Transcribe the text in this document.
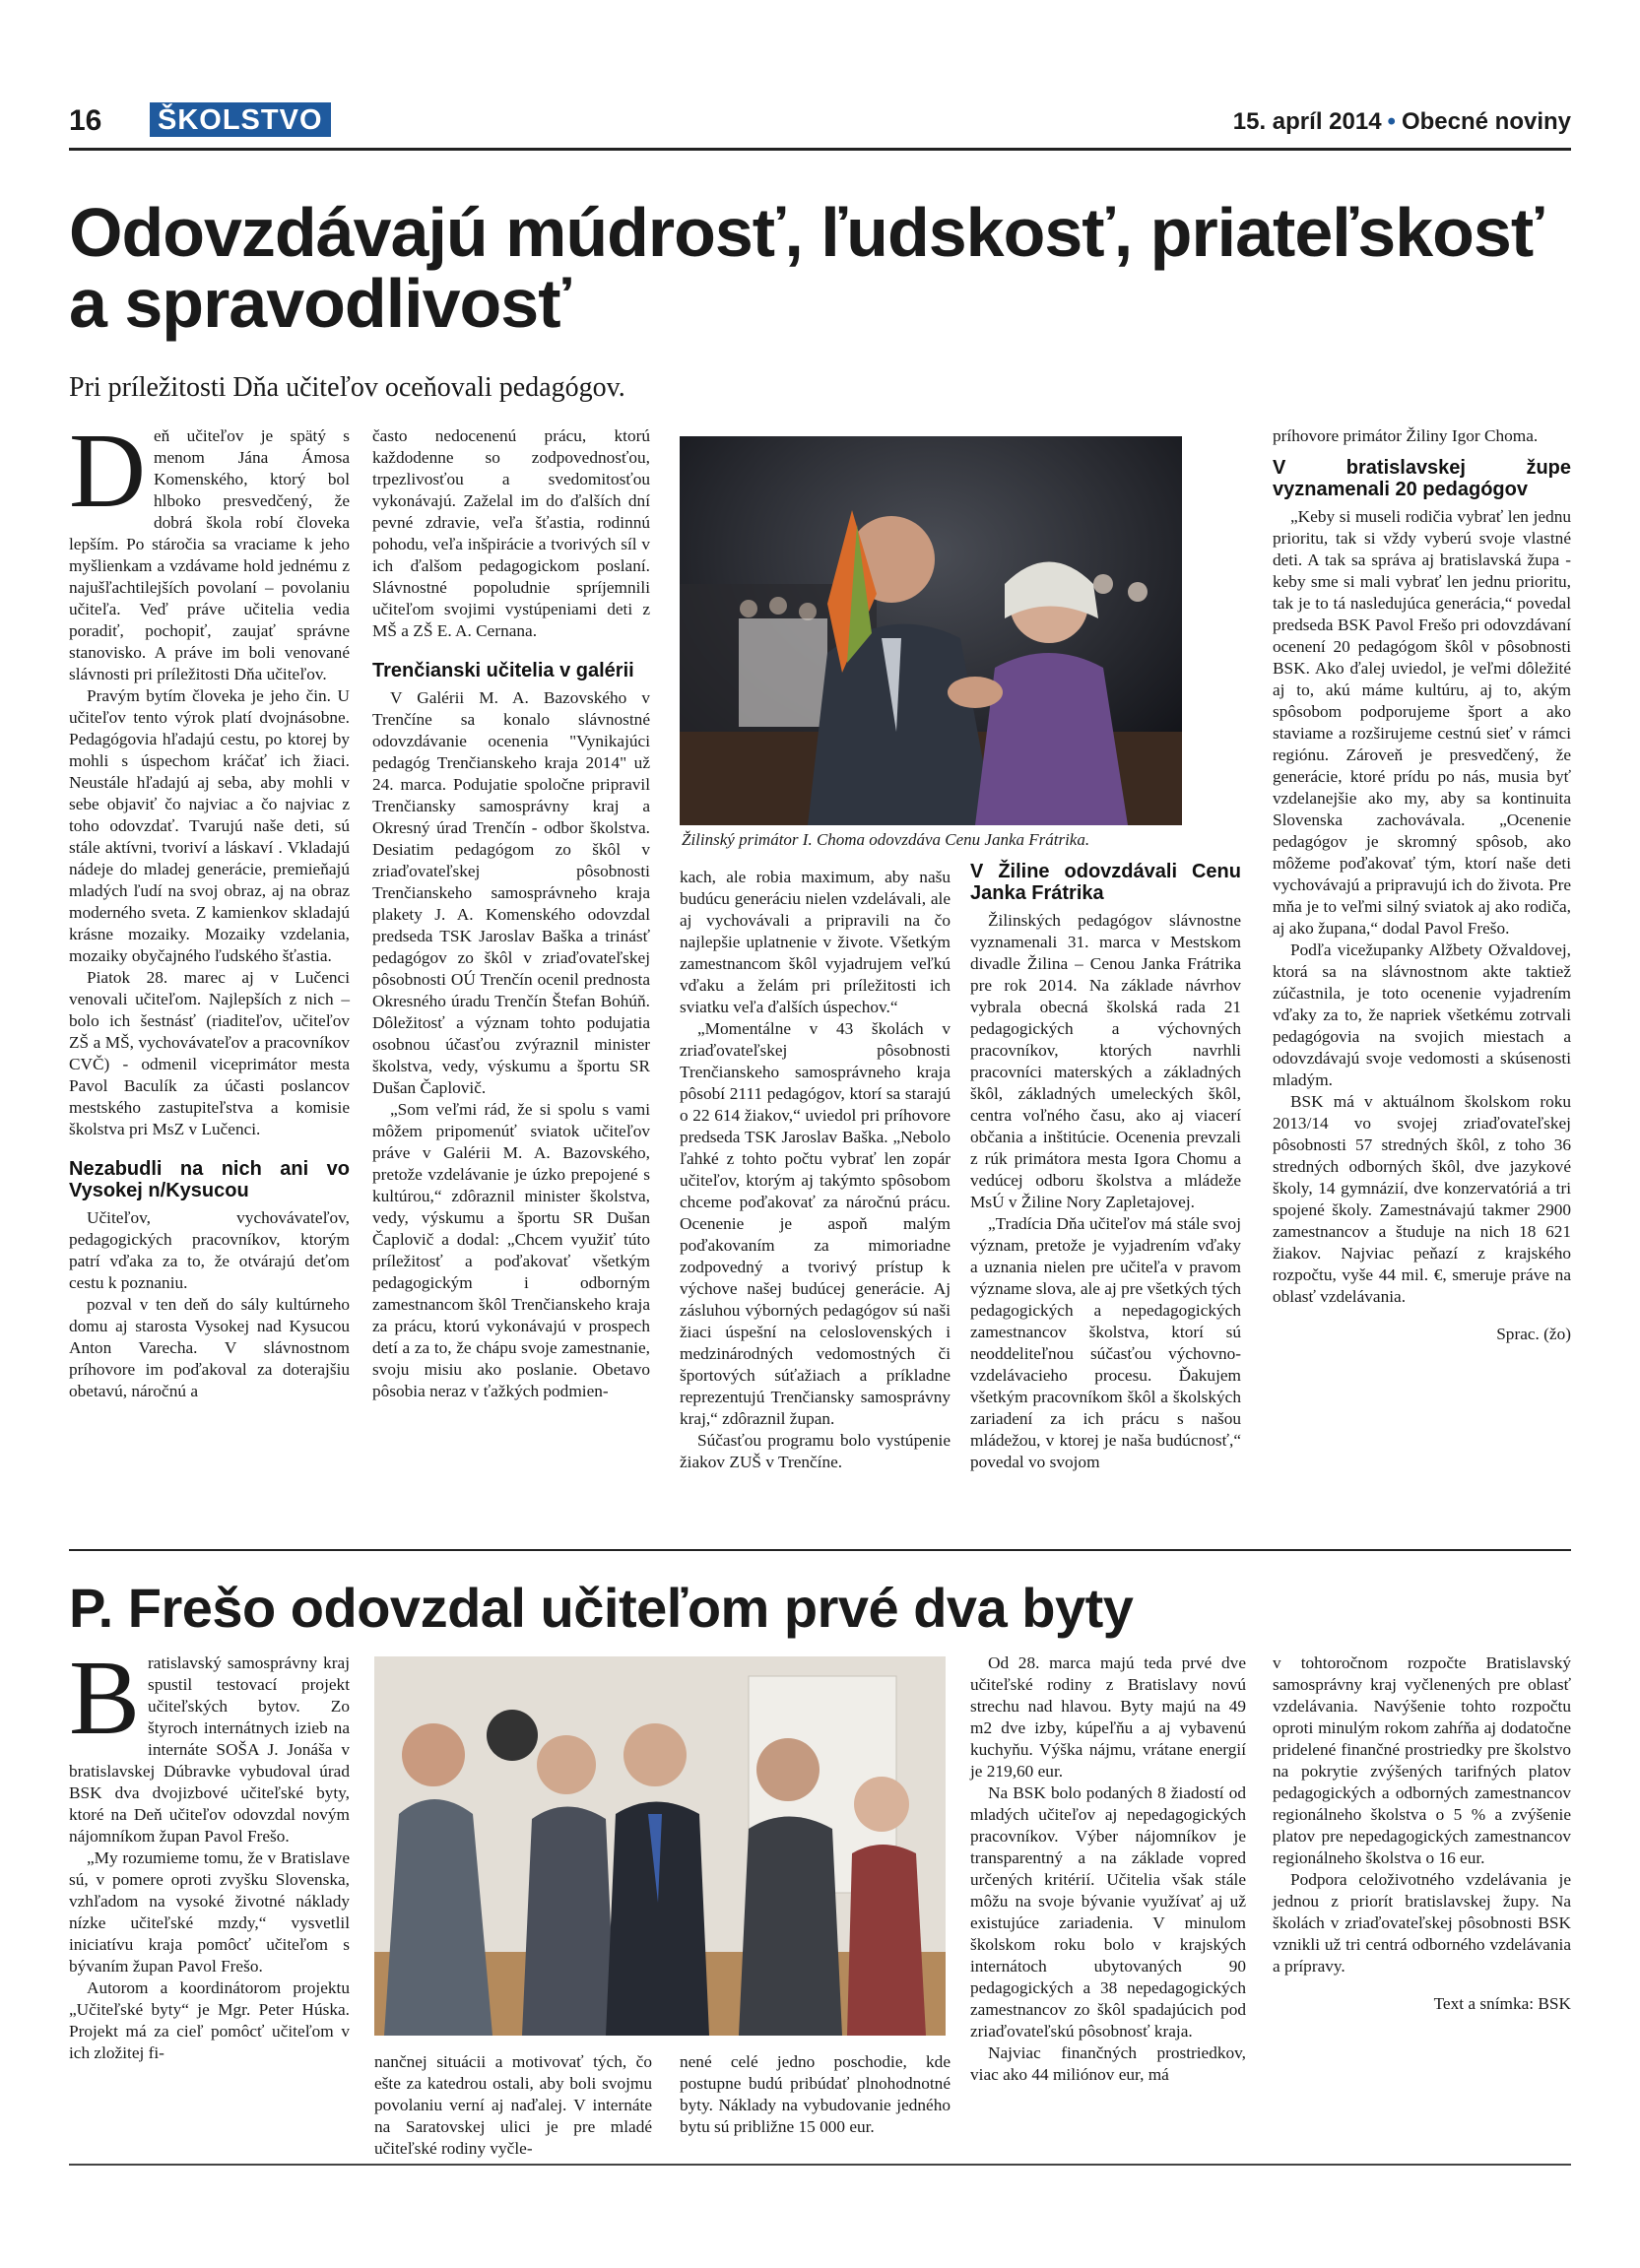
16 ŠKOLSTVO	15. apríl 2014 • Obecné noviny
Odovzdávajú múdrosť, ľudskosť, priateľskosť a spravodlivosť
Pri príležitosti Dňa učiteľov oceňovali pedagógov.

Deň učiteľov je spätý s menom Jána Ámosa Komenského, ktorý bol hlboko presvedčený, že dobrá škola robí človeka lepším. Po stáročia sa vraciame k jeho myšlienkam a vzdávame hold jednému z najušľachtilejších povolaní – povolaniu učiteľa. Veď práve učitelia vedia poradiť, pochopiť, zaujať správne stanovisko. A práve im boli venované slávnosti pri príležitosti Dňa učiteľov.

Pravým bytím človeka je jeho čin. U učiteľov tento výrok platí dvojnásobne. Pedagógovia hľadajú cestu, po ktorej by mohli s úspechom kráčať ich žiaci. Neustále hľadajú aj seba, aby mohli v sebe objaviť čo najviac a čo najviac z toho odovzdať. Tvarujú naše deti, sú stále aktívni, tvoriví a láskaví . Vkladajú nádeje do mladej generácie, premieňajú mladých ľudí na svoj obraz, aj na obraz moderného sveta. Z kamienkov skladajú krásne mozaiky. Mozaiky vzdelania, mozaiky obyčajného ľudského šťastia.

Piatok 28. marec aj v Lučenci venovali učiteľom. Najlepších z nich – bolo ich šestnásť (riaditeľov, učiteľov ZŠ a MŠ, vychovávateľov a pracovníkov CVČ) - odmenil viceprimátor mesta Pavol Baculík za účasti poslancov mestského zastupiteľstva a komisie školstva pri MsZ v Lučenci.

Nezabudli na nich ani vo Vysokej n/Kysucou

Učiteľov, vychovávateľov, pedagogických pracovníkov, ktorým patrí vďaka za to, že otvárajú deťom cestu k poznaniu.

pozval v ten deň do sály kultúrneho domu aj starosta Vysokej nad Kysucou Anton Varecha. V slávnostnom príhovore im poďakoval za doterajšiu obetavú, náročnú a

často nedocenenú prácu, ktorú každodenne so zodpovednosťou, trpezlivosťou a svedomitosťou vykonávajú. Zaželal im do ďalších dní pevné zdravie, veľa šťastia, rodinnú pohodu, veľa inšpirácie a tvorivých síl v ich ďalšom pedagogickom poslaní. Slávnostné popoludnie spríjemnili učiteľom svojimi vystúpeniami deti z MŠ a ZŠ E. A. Cernana.

Trenčianski učitelia v galérii

V Galérii M. A. Bazovského v Trenčíne sa konalo slávnostné odovzdávanie ocenenia "Vynikajúci pedagóg Trenčianskeho kraja 2014" už 24. marca. Podujatie spoločne pripravil Trenčiansky samosprávny kraj a Okresný úrad Trenčín - odbor školstva. Desiatim pedagógom zo škôl v zriaďovateľskej pôsobnosti Trenčianskeho samosprávneho kraja plakety J. A. Komenského odovzdal predseda TSK Jaroslav Baška a trinásť pedagógov zo škôl v zriaďovateľskej pôsobnosti OÚ Trenčín ocenil prednosta Okresného úradu Trenčín Štefan Bohúň. Dôležitosť a význam tohto podujatia osobnou účasťou zvýraznil minister školstva, vedy, výskumu a športu SR Dušan Čaplovič.

„Som veľmi rád, že si spolu s vami môžem pripomenúť sviatok učiteľov práve v Galérii M. A. Bazovského, pretože vzdelávanie je úzko prepojené s kultúrou,“ zdôraznil minister školstva, vedy, výskumu a športu SR Dušan Čaplovič a dodal: „Chcem využiť túto príležitosť a poďakovať všetkým pedagogickým i odborným zamestnancom škôl Trenčianskeho kraja za prácu, ktorú vykonávajú v prospech detí a za to, že chápu svoje zamestnanie, svoju misiu ako poslanie. Obetavo pôsobia neraz v ťažkých podmien-

Žilinský primátor I. Choma odovzdáva Cenu Janka Frátrika.

kach, ale robia maximum, aby našu budúcu generáciu nielen vzdelávali, ale aj vychovávali a pripravili na čo najlepšie uplatnenie v živote. Všetkým zamestnancom škôl vyjadrujem veľkú vďaku a želám pri príležitosti ich sviatku veľa ďalších úspechov.“

„Momentálne v 43 školách v zriaďovateľskej pôsobnosti Trenčianskeho samosprávneho kraja pôsobí 2111 pedagógov, ktorí sa starajú o 22 614 žiakov,“ uviedol pri príhovore predseda TSK Jaroslav Baška. „Nebolo ľahké z tohto počtu vybrať len zopár učiteľov, ktorým aj takýmto spôsobom chceme poďakovať za náročnú prácu. Ocenenie je aspoň malým poďakovaním za mimoriadne zodpovedný a tvorivý prístup k výchove našej budúcej generácie. Aj zásluhou výborných pedagógov sú naši žiaci úspešní na celoslovenských i medzinárodných vedomostných či športových súťažiach a príkladne reprezentujú Trenčiansky samosprávny kraj,“ zdôraznil župan.

Súčasťou programu bolo vystúpenie žiakov ZUŠ v Trenčíne.

V Žiline odovzdávali Cenu Janka Frátrika

Žilinských pedagógov slávnostne vyznamenali 31. marca v Mestskom divadle Žilina – Cenou Janka Frátrika pre rok 2014. Na základe návrhov vybrala obecná školská rada 21 pedagogických a výchovných pracovníkov, ktorých navrhli pracovníci materských a základných škôl, základných umeleckých škôl, centra voľného času, ako aj viacerí občania a inštitúcie. Ocenenia prevzali z rúk primátora mesta Igora Chomu a vedúcej odboru školstva a mládeže MsÚ v Žiline Nory Zapletajovej.

„Tradícia Dňa učiteľov má stále svoj význam, pretože je vyjadrením vďaky a uznania nielen pre učiteľa v pravom význame slova, ale aj pre všetkých tých pedagogických a nepedagogických zamestnancov školstva, ktorí sú neoddeliteľnou súčasťou výchovno-vzdelávacieho procesu. Ďakujem všetkým pracovníkom škôl a školských zariadení za ich prácu s našou mládežou, v ktorej je naša budúcnosť,“ povedal vo svojom

príhovore primátor Žiliny Igor Choma.

V bratislavskej župe vyznamenali 20 pedagógov

„Keby si museli rodičia vybrať len jednu prioritu, tak si vždy vyberú svoje vlastné deti. A tak sa správa aj bratislavská župa - keby sme si mali vybrať len jednu prioritu, tak je to tá nasledujúca generácia,“ povedal predseda BSK Pavol Frešo pri odovzdávaní ocenení 20 pedagógom škôl v pôsobnosti BSK. Ako ďalej uviedol, je veľmi dôležité aj to, akú máme kultúru, aj to, akým spôsobom podporujeme šport a ako staviame a rozširujeme cestnú sieť v rámci regiónu. Zároveň je presvedčený, že generácie, ktoré prídu po nás, musia byť vzdelanejšie ako my, aby sa kontinuita Slovenska zachovávala. „Ocenenie pedagógov je skromný spôsob, ako môžeme poďakovať tým, ktorí naše deti vychovávajú a pripravujú ich do života. Pre mňa je to veľmi silný sviatok aj ako rodiča, aj ako župana,“ dodal Pavol Frešo.

Podľa vicežupanky Alžbety Ožvaldovej, ktorá sa na slávnostnom akte taktiež zúčastnila, je toto ocenenie vyjadrením vďaky za to, že napriek všetkému zotrvali pedagógovia na svojich miestach a odovzdávajú svoje vedomosti a skúsenosti mladým.

BSK má v aktuálnom školskom roku 2013/14 vo svojej zriaďovateľskej pôsobnosti 57 stredných škôl, z toho 36 stredných odborných škôl, dve jazykové školy, 14 gymnázií, dve konzervatóriá a tri spojené školy. Zamestnávajú takmer 2900 zamestnancov a študuje na nich 18 621 žiakov. Najviac peňazí z krajského rozpočtu, vyše 44 mil. €, smeruje práve na oblasť vzdelávania.

Sprac. (žo)
P. Frešo odovzdal učiteľom prvé dva byty

Bratislavský samosprávny kraj spustil testovací projekt učiteľských bytov. Zo štyroch internátnych izieb na internáte SOŠA J. Jonáša v bratislavskej Dúbravke vybudoval úrad BSK dva dvojizbové učiteľské byty, ktoré na Deň učiteľov odovzdal novým nájomníkom župan Pavol Frešo.

„My rozumieme tomu, že v Bratislave sú, v pomere oproti zvyšku Slovenska, vzhľadom na vysoké životné náklady nízke učiteľské mzdy,“ vysvetlil iniciatívu kraja pomôcť učiteľom s bývaním župan Pavol Frešo.

Autorom a koordinátorom projektu „Učiteľské byty“ je Mgr. Peter Húska. Projekt má za cieľ pomôcť učiteľom v ich zložitej fi-	nančnej situácii a motivovať tých, čo ešte za katedrou ostali, aby boli svojmu povolaniu verní aj naďalej. V internáte na Saratovskej ulici je pre mladé učiteľské rodiny vyčle-

nené celé jedno poschodie, kde postupne budú pribúdať plnohodnotné byty. Náklady na vybudovanie jedného bytu sú približne 15 000 eur.

Od 28. marca majú teda prvé dve učiteľské rodiny z Bratislavy novú strechu nad hlavou. Byty majú na 49 m2 dve izby, kúpeľňu a aj vybavenú kuchyňu. Výška nájmu, vrátane energií je 219,60 eur.

Na BSK bolo podaných 8 žiadostí od mladých učiteľov aj nepedagogických pracovníkov. Výber nájomníkov je transparentný a na základe vopred určených kritérií. Učitelia však stále môžu na svoje bývanie využívať aj už existujúce zariadenia. V minulom školskom roku bolo v krajských internátoch ubytovaných 90 pedagogických a 38 nepedagogických zamestnancov zo škôl spadajúcich pod zriaďovateľskú pôsobnosť kraja.

Najviac finančných prostriedkov, viac ako 44 miliónov eur, má

v tohtoročnom rozpočte Bratislavský samosprávny kraj vyčlenených pre oblasť vzdelávania. Navýšenie tohto rozpočtu oproti minulým rokom zahŕňa aj dodatočne pridelené finančné prostriedky pre školstvo na pokrytie zvýšených tarifných platov pedagogických a odborných zamestnancov regionálneho školstva o 5 % a zvýšenie platov pre nepedagogických zamestnancov regionálneho školstva o 16 eur.

Podpora celoživotného vzdelávania je jednou z priorít bratislavskej župy. Na školách v zriaďovateľskej pôsobnosti BSK vznikli už tri centrá odborného vzdelávania a prípravy.

Text a snímka: BSK
